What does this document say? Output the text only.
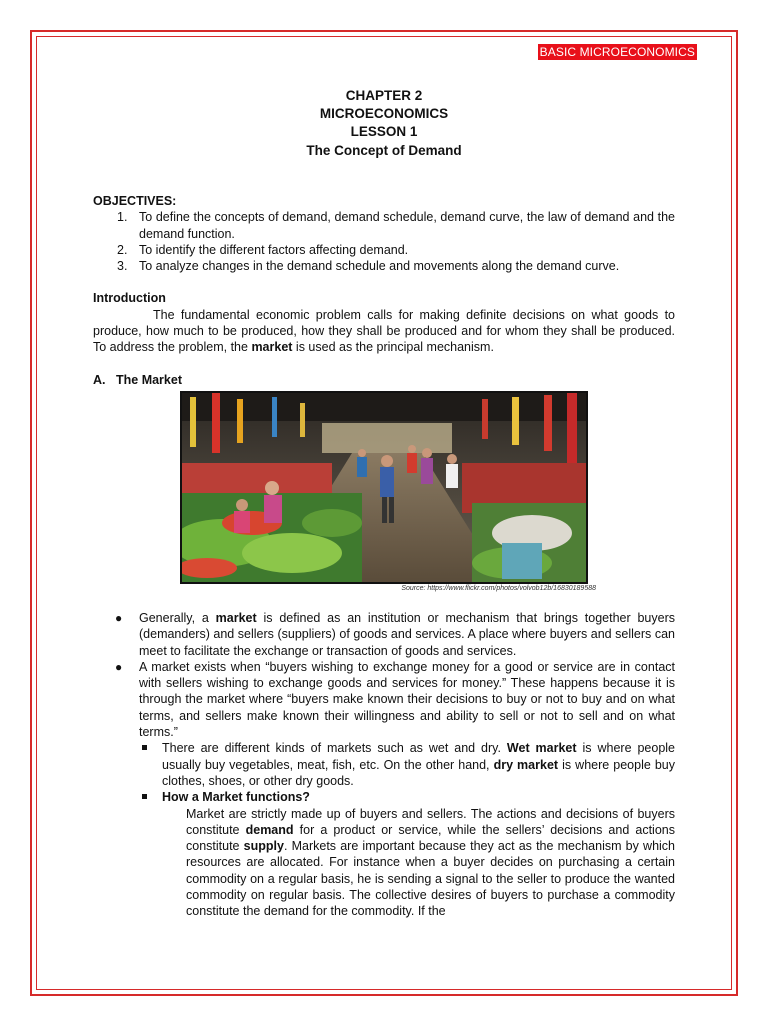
BASIC MICROECONOMICS
CHAPTER 2
MICROECONOMICS
LESSON 1
The Concept of Demand
OBJECTIVES:
1. To define the concepts of demand, demand schedule, demand curve, the law of demand and the demand function.
2. To identify the different factors affecting demand.
3. To analyze changes in the demand schedule and movements along the demand curve.
Introduction

The fundamental economic problem calls for making definite decisions on what goods to produce, how much to be produced, how they shall be produced and for whom they shall be produced. To address the problem, the market is used as the principal mechanism.

A. The Market
Source: https://www.flickr.com/photos/volvob12b/16830189588
● Generally, a market is defined as an institution or mechanism that brings together buyers (demanders) and sellers (suppliers) of goods and services. A place where buyers and sellers can meet to facilitate the exchange or transaction of goods and services.
● A market exists when “buyers wishing to exchange money for a good or service are in contact with sellers wishing to exchange goods and services for money.” These happens because it is through the market where “buyers make known their decisions to buy or not to buy and on what terms, and sellers make known their willingness and ability to sell or not to sell and on what terms.”
There are different kinds of markets such as wet and dry. Wet market is where people usually buy vegetables, meat, fish, etc. On the other hand, dry market is where people buy clothes, shoes, or other dry goods.
How a Market functions?
Market are strictly made up of buyers and sellers. The actions and decisions of buyers constitute demand for a product or service, while the sellers’ decisions and actions constitute supply. Markets are important because they act as the mechanism by which resources are allocated. For instance when a buyer decides on purchasing a certain commodity on a regular basis, he is sending a signal to the seller to produce the wanted commodity on regular basis. The collective desires of buyers to purchase a commodity constitute the demand for the commodity. If the
